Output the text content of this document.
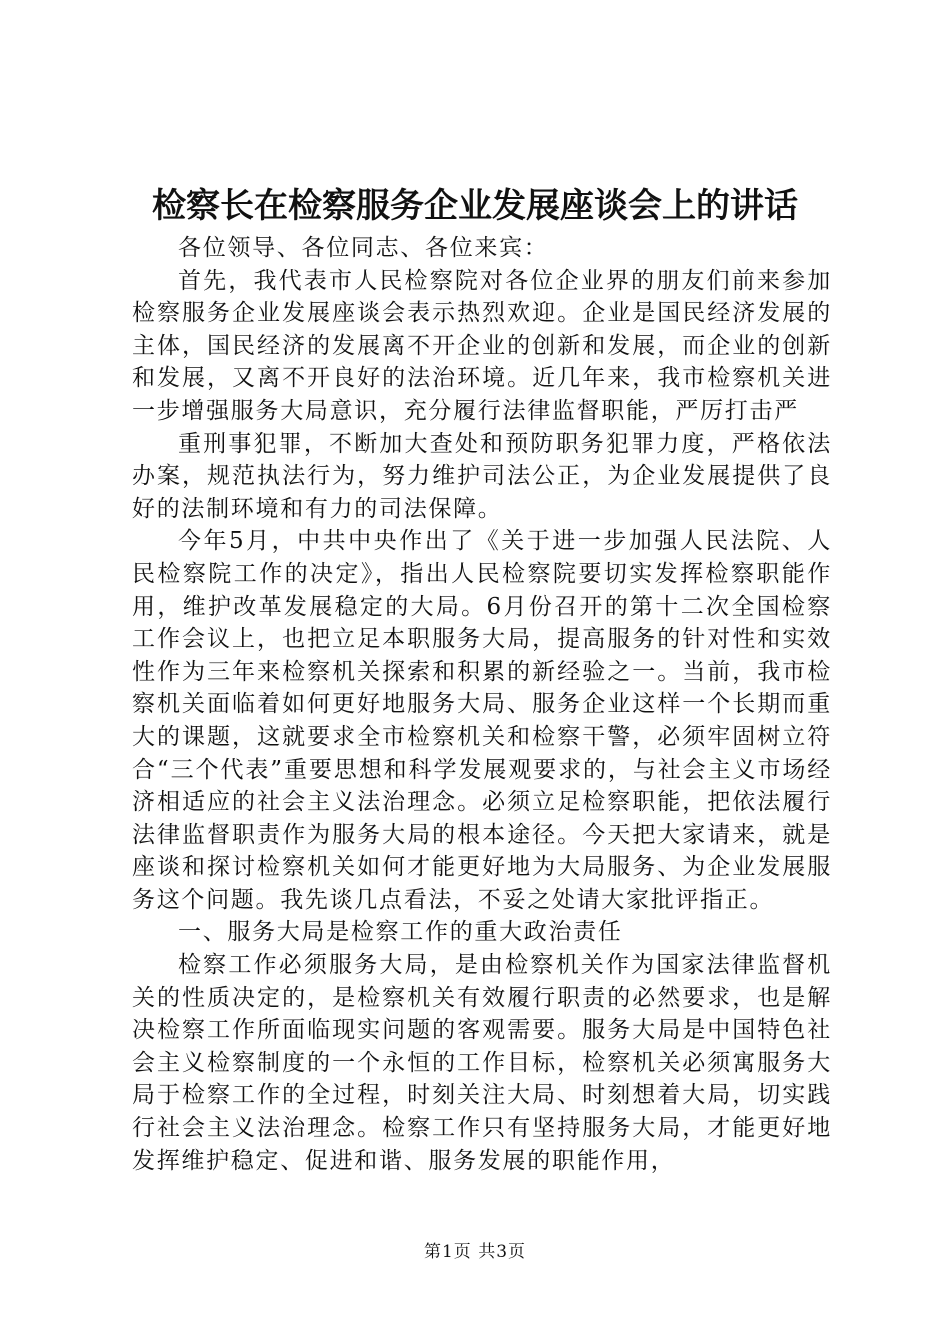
检察长在检察服务企业发展座谈会上的讲话

各位领导、各位同志、各位来宾：

首先，我代表市人民检察院对各位企业界的朋友们前来参加检察服务企业发展座谈会表示热烈欢迎。企业是国民经济发展的主体，国民经济的发展离不开企业的创新和发展，而企业的创新和发展，又离不开良好的法治环境。近几年来，我市检察机关进一步增强服务大局意识，充分履行法律监督职能，严厉打击严

重刑事犯罪，不断加大查处和预防职务犯罪力度，严格依法办案，规范执法行为，努力维护司法公正，为企业发展提供了良好的法制环境和有力的司法保障。

今年5月，中共中央作出了《关于进一步加强人民法院、人民检察院工作的决定》，指出人民检察院要切实发挥检察职能作用，维护改革发展稳定的大局。6月份召开的第十二次全国检察工作会议上，也把立足本职服务大局，提高服务的针对性和实效性作为三年来检察机关探索和积累的新经验之一。当前，我市检察机关面临着如何更好地服务大局、服务企业这样一个长期而重大的课题，这就要求全市检察机关和检察干警，必须牢固树立符合“三个代表”重要思想和科学发展观要求的，与社会主义市场经济相适应的社会主义法治理念。必须立足检察职能，把依法履行法律监督职责作为服务大局的根本途径。今天把大家请来，就是座谈和探讨检察机关如何才能更好地为大局服务、为企业发展服务这个问题。我先谈几点看法，不妥之处请大家批评指正。

一、服务大局是检察工作的重大政治责任

检察工作必须服务大局，是由检察机关作为国家法律监督机关的性质决定的，是检察机关有效履行职责的必然要求，也是解决检察工作所面临现实问题的客观需要。服务大局是中国特色社会主义检察制度的一个永恒的工作目标，检察机关必须寓服务大局于检察工作的全过程，时刻关注大局、时刻想着大局，切实践行社会主义法治理念。检察工作只有坚持服务大局，才能更好地发挥维护稳定、促进和谐、服务发展的职能作用，

第1页 共3页
